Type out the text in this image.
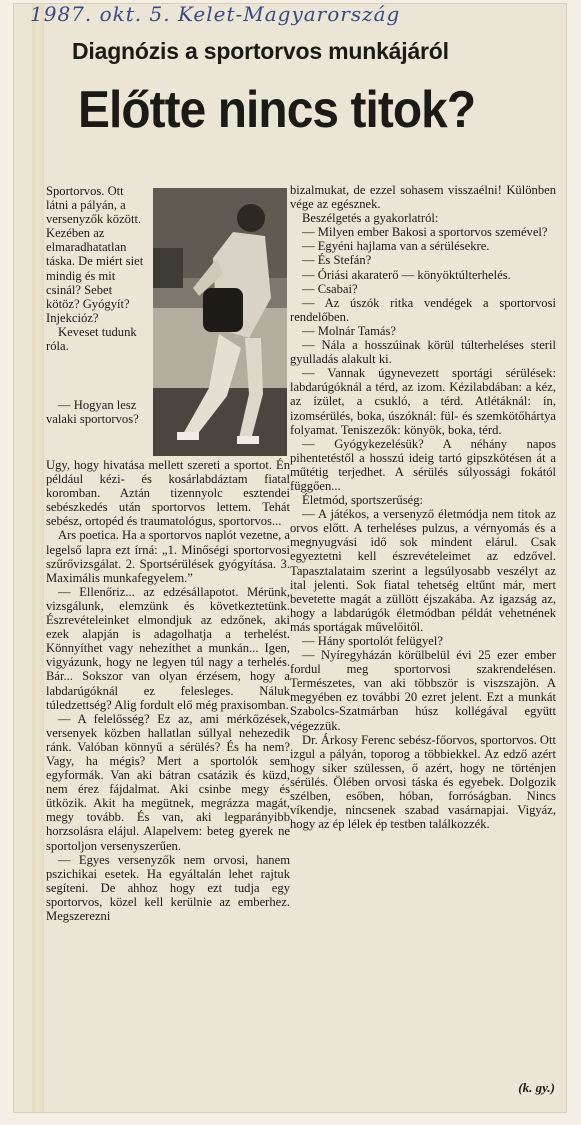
1987. okt. 5. Kelet-Magyarország
Diagnózis a sportorvos munkájáról
Előtte nincs titok?

Sportorvos. Ott látni a pályán, a versenyzők között. Kezében az elmaradhatatlan táska. De miért siet mindig és mit csinál? Sebet kötöz? Gyógyít? Injekcióz?

Keveset tudunk róla.

— Hogyan lesz valaki sportorvos?

Ugy, hogy hivatása mellett szereti a sportot. Én például kézi- és kosárlabdáztam fiatal koromban. Aztán tizennyolc esztendei sebészkedés után sportorvos lettem. Tehát sebész, ortopéd és traumatológus, sportorvos...

Ars poetica. Ha a sportorvos naplót vezetne, a legelső lapra ezt írná: „1. Minőségi sportorvosi szűrővizsgálat. 2. Sportsérülések gyógyítása. 3. Maximális munkafegyelem.”

— Ellenőriz... az edzésállapotot. Mérünk, vizsgálunk, elemzünk és következtetünk. Észrevételeinket elmondjuk az edzőnek, aki ezek alapján is adagolhatja a terhelést. Könnyíthet vagy nehezíthet a munkán... Igen, vigyázunk, hogy ne legyen túl nagy a terhelés. Bár... Sokszor van olyan érzésem, hogy a labdarúgóknál ez felesleges. Náluk túledzettség? Alig fordult elő még praxisomban.

— A felelősség? Ez az, ami mérkőzések, versenyek közben hallatlan súllyal nehezedik ránk. Valóban könnyű a sérülés? És ha nem? Vagy, ha mégis? Mert a sportolók sem egyformák. Van aki bátran csatázik és küzd, nem érez fájdalmat. Aki csinbe megy és ütközik. Akit ha megütnek, megrázza magát, megy tovább. És van, aki legparányibb horzsolásra elájul. Alapelvem: beteg gyerek ne sportoljon versenyszerűen.

— Egyes versenyzők nem orvosi, hanem pszichikai esetek. Ha egyáltalán lehet rajtuk segíteni. De ahhoz hogy ezt tudja egy sportorvos, közel kell kerülnie az emberhez. Megszerezni

bizalmukat, de ezzel sohasem visszaélni! Különben vége az egésznek.

Beszélgetés a gyakorlatról:

— Milyen ember Bakosi a sportorvos szemével?

— Egyéni hajlama van a sérülésekre.

— És Stefán?

— Óriási akaraterő — könyöktúlterhelés.

— Csabai?

— Az úszók ritka vendégek a sportorvosi rendelőben.

— Molnár Tamás?

— Nála a hosszúinak körül túlterheléses steril gyulladás alakult ki.

— Vannak úgynevezett sportági sérülések: labdarúgóknál a térd, az izom. Kézilabdában: a kéz, az ízület, a csukló, a térd. Atlétáknál: ín, izomsérülés, boka, úszóknál: fül- és szemkötőhártya folyamat. Teniszezők: könyök, boka, térd.

— Gyógykezelésük? A néhány napos pihentetéstől a hosszú ideig tartó gipszkötésen át a műtétig terjedhet. A sérülés súlyossági fokától függően...

Életmód, sportszerűség:

— A játékos, a versenyző életmódja nem titok az orvos előtt. A terheléses pulzus, a vérnyomás és a megnyugvási idő sok mindent elárul. Csak egyeztetni kell észrevételeimet az edzővel. Tapasztalataim szerint a legsúlyosabb veszélyt az ital jelenti. Sok fiatal tehetség eltűnt már, mert bevetette magát a züllött éjszakába. Az igazság az, hogy a labdarúgók életmódban példát vehetnének más sportágak művelőitől.

— Hány sportolót felügyel?

— Nyíregyházán körülbelül évi 25 ezer ember fordul meg sportorvosi szakrendelésen. Természetes, van aki többször is viszszajön. A megyében ez további 20 ezret jelent. Ezt a munkát Szabolcs-Szatmárban húsz kollégával együtt végezzük.

Dr. Árkosy Ferenc sebész-főorvos, sportorvos. Ott izgul a pályán, toporog a többiekkel. Az edző azért hogy siker szülessen, ő azért, hogy ne történjen sérülés. Ölében orvosi táska és egyebek. Dolgozik szélben, esőben, hóban, forróságban. Nincs víkendje, nincsenek szabad vasárnapjai. Vigyáz, hogy az ép lélek ép testben találkozzék.

(k. gy.)
